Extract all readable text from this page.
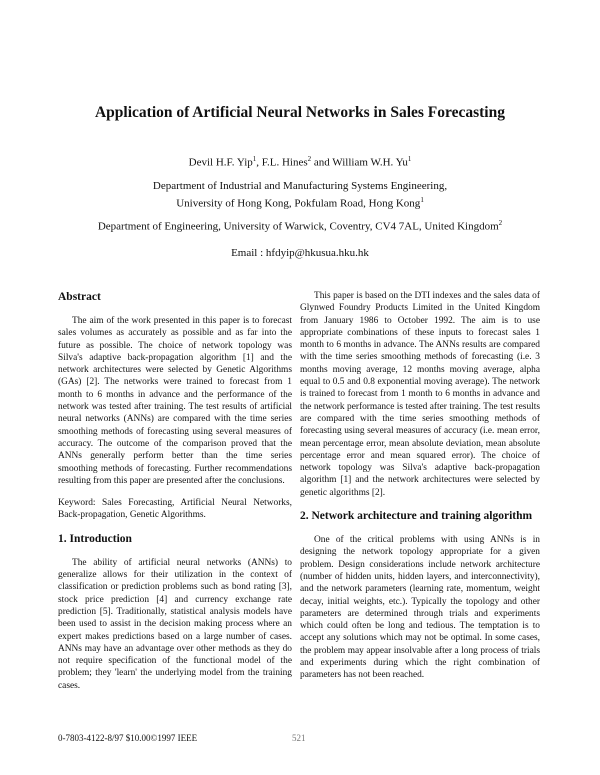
Application of Artificial Neural Networks in Sales Forecasting
Devil H.F. Yip$^1$, F.L. Hines$^2$ and William W.H. Yu$^1$
Department of Industrial and Manufacturing Systems Engineering,
University of Hong Kong, Pokfulam Road, Hong Kong$^1$
Department of Engineering, University of Warwick, Coventry, CV4 7AL, United Kingdom$^2$
Email : hfdyip@hkusua.hku.hk
Abstract

The aim of the work presented in this paper is to forecast sales volumes as accurately as possible and as far into the future as possible. The choice of network topology was Silva's adaptive back-propagation algorithm [1] and the network architectures were selected by Genetic Algorithms (GAs) [2]. The networks were trained to forecast from 1 month to 6 months in advance and the performance of the network was tested after training. The test results of artificial neural networks (ANNs) are compared with the time series smoothing methods of forecasting using several measures of accuracy. The outcome of the comparison proved that the ANNs generally perform better than the time series smoothing methods of forecasting. Further recommendations resulting from this paper are presented after the conclusions.

Keyword: Sales Forecasting, Artificial Neural Networks, Back-propagation, Genetic Algorithms.

1. Introduction

The ability of artificial neural networks (ANNs) to generalize allows for their utilization in the context of classification or prediction problems such as bond rating [3], stock price prediction [4] and currency exchange rate prediction [5]. Traditionally, statistical analysis models have been used to assist in the decision making process where an expert makes predictions based on a large number of cases. ANNs may have an advantage over other methods as they do not require specification of the functional model of the problem; they 'learn' the underlying model from the training cases.

This paper is based on the DTI indexes and the sales data of Glynwed Foundry Products Limited in the United Kingdom from January 1986 to October 1992. The aim is to use appropriate combinations of these inputs to forecast sales 1 month to 6 months in advance. The ANNs results are compared with the time series smoothing methods of forecasting (i.e. 3 months moving average, 12 months moving average, alpha equal to 0.5 and 0.8 exponential moving average). The network is trained to forecast from 1 month to 6 months in advance and the network performance is tested after training. The test results are compared with the time series smoothing methods of forecasting using several measures of accuracy (i.e. mean error, mean percentage error, mean absolute deviation, mean absolute percentage error and mean squared error). The choice of network topology was Silva's adaptive back-propagation algorithm [1] and the network architectures were selected by genetic algorithms [2].

2. Network architecture and training algorithm

One of the critical problems with using ANNs is in designing the network topology appropriate for a given problem. Design considerations include network architecture (number of hidden units, hidden layers, and interconnectivity), and the network parameters (learning rate, momentum, weight decay, initial weights, etc.). Typically the topology and other parameters are determined through trials and experiments which could often be long and tedious. The temptation is to accept any solutions which may not be optimal. In some cases, the problem may appear insolvable after a long process of trials and experiments during which the right combination of parameters has not been reached.

0-7803-4122-8/97 $10.00©1997 IEEE	521
